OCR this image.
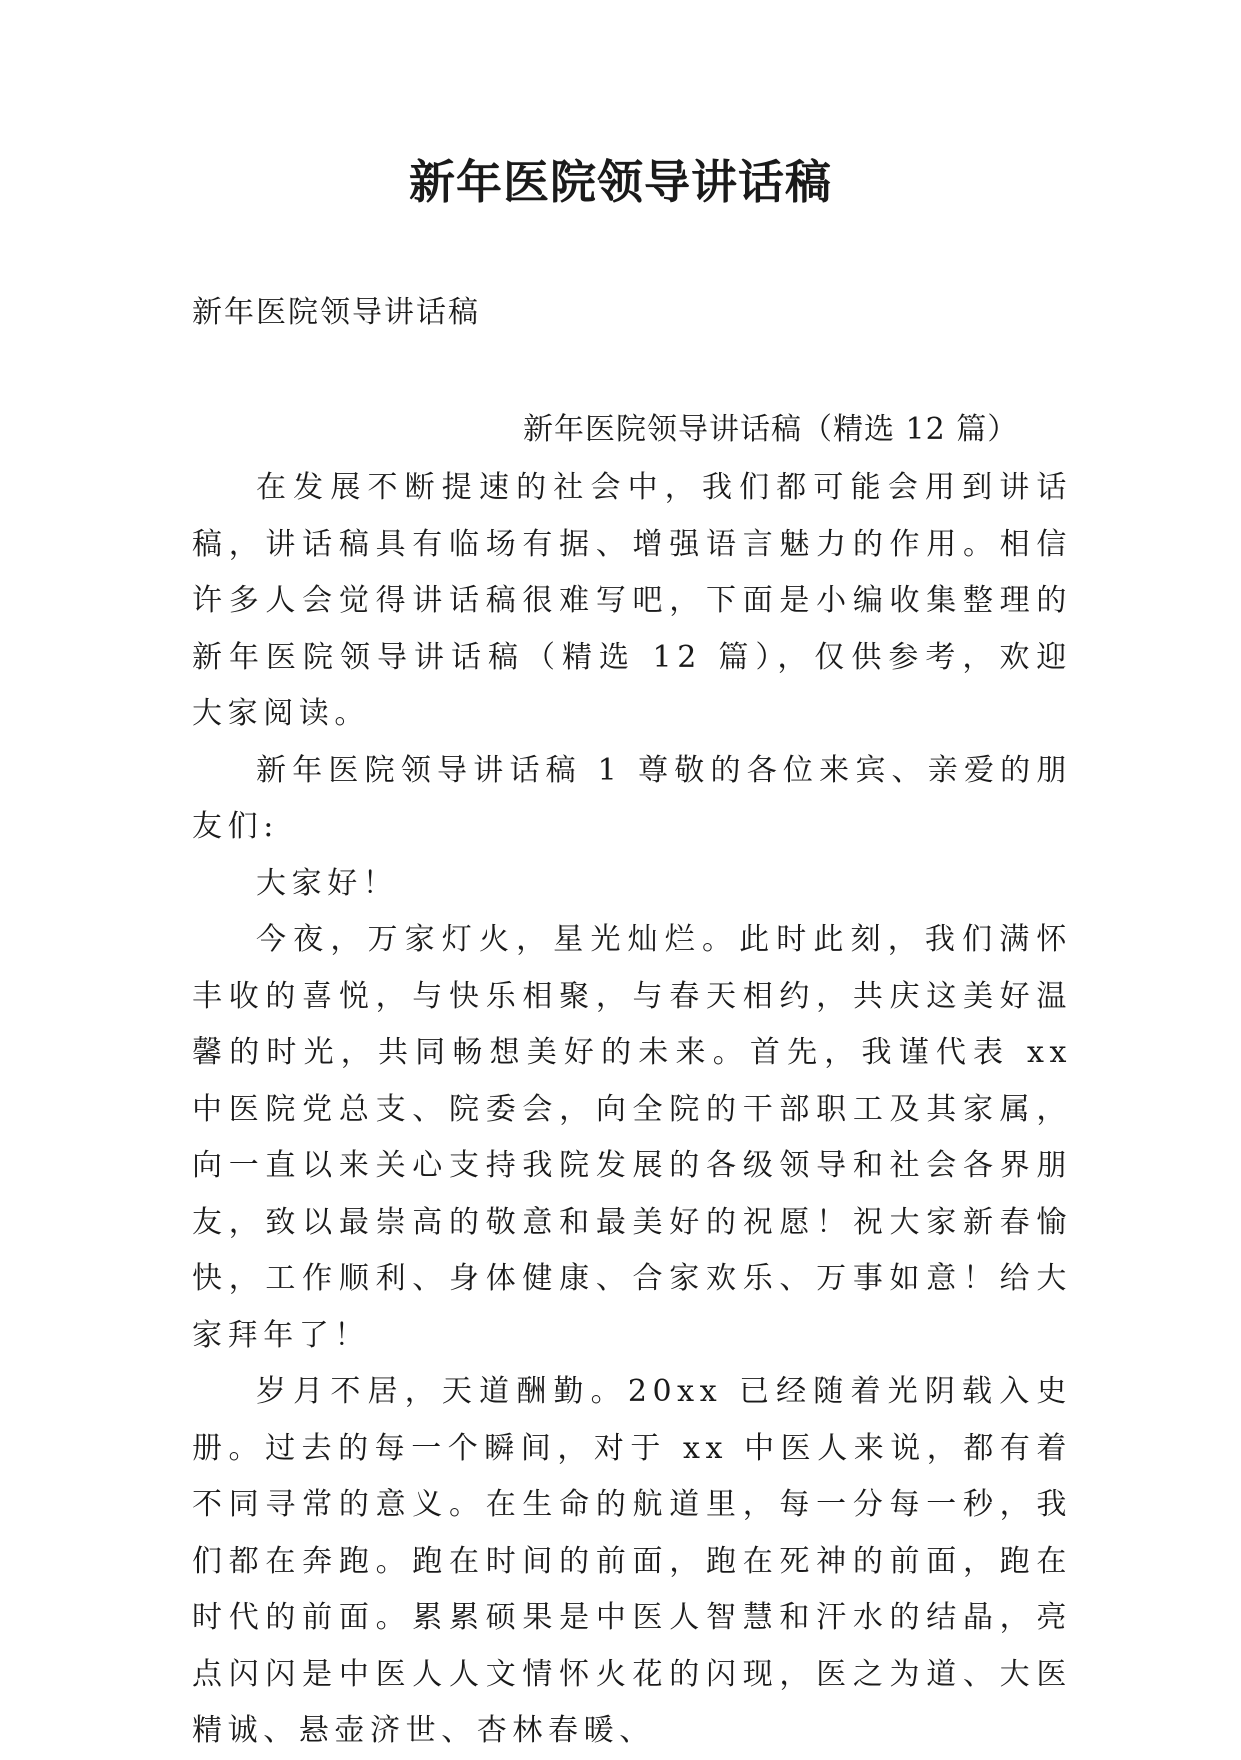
新年医院领导讲话稿
新年医院领导讲话稿
新年医院领导讲话稿（精选 12 篇）

在发展不断提速的社会中，我们都可能会用到讲话稿，讲话稿具有临场有据、增强语言魅力的作用。相信许多人会觉得讲话稿很难写吧，下面是小编收集整理的新年医院领导讲话稿（精选 12 篇），仅供参考，欢迎大家阅读。

新年医院领导讲话稿 1 尊敬的各位来宾、亲爱的朋友们:

大家好！

今夜，万家灯火，星光灿烂。此时此刻，我们满怀丰收的喜悦，与快乐相聚，与春天相约，共庆这美好温馨的时光，共同畅想美好的未来。首先，我谨代表 xx 中医院党总支、院委会，向全院的干部职工及其家属，向一直以来关心支持我院发展的各级领导和社会各界朋友，致以最崇高的敬意和最美好的祝愿！祝大家新春愉快，工作顺利、身体健康、合家欢乐、万事如意！给大家拜年了！

岁月不居，天道酬勤。20xx 已经随着光阴载入史册。过去的每一个瞬间，对于 xx 中医人来说，都有着不同寻常的意义。在生命的航道里，每一分每一秒，我们都在奔跑。跑在时间的前面，跑在死神的前面，跑在时代的前面。累累硕果是中医人智慧和汗水的结晶，亮点闪闪是中医人人文情怀火花的闪现，医之为道、大医精诚、悬壶济世、杏林春暖、
